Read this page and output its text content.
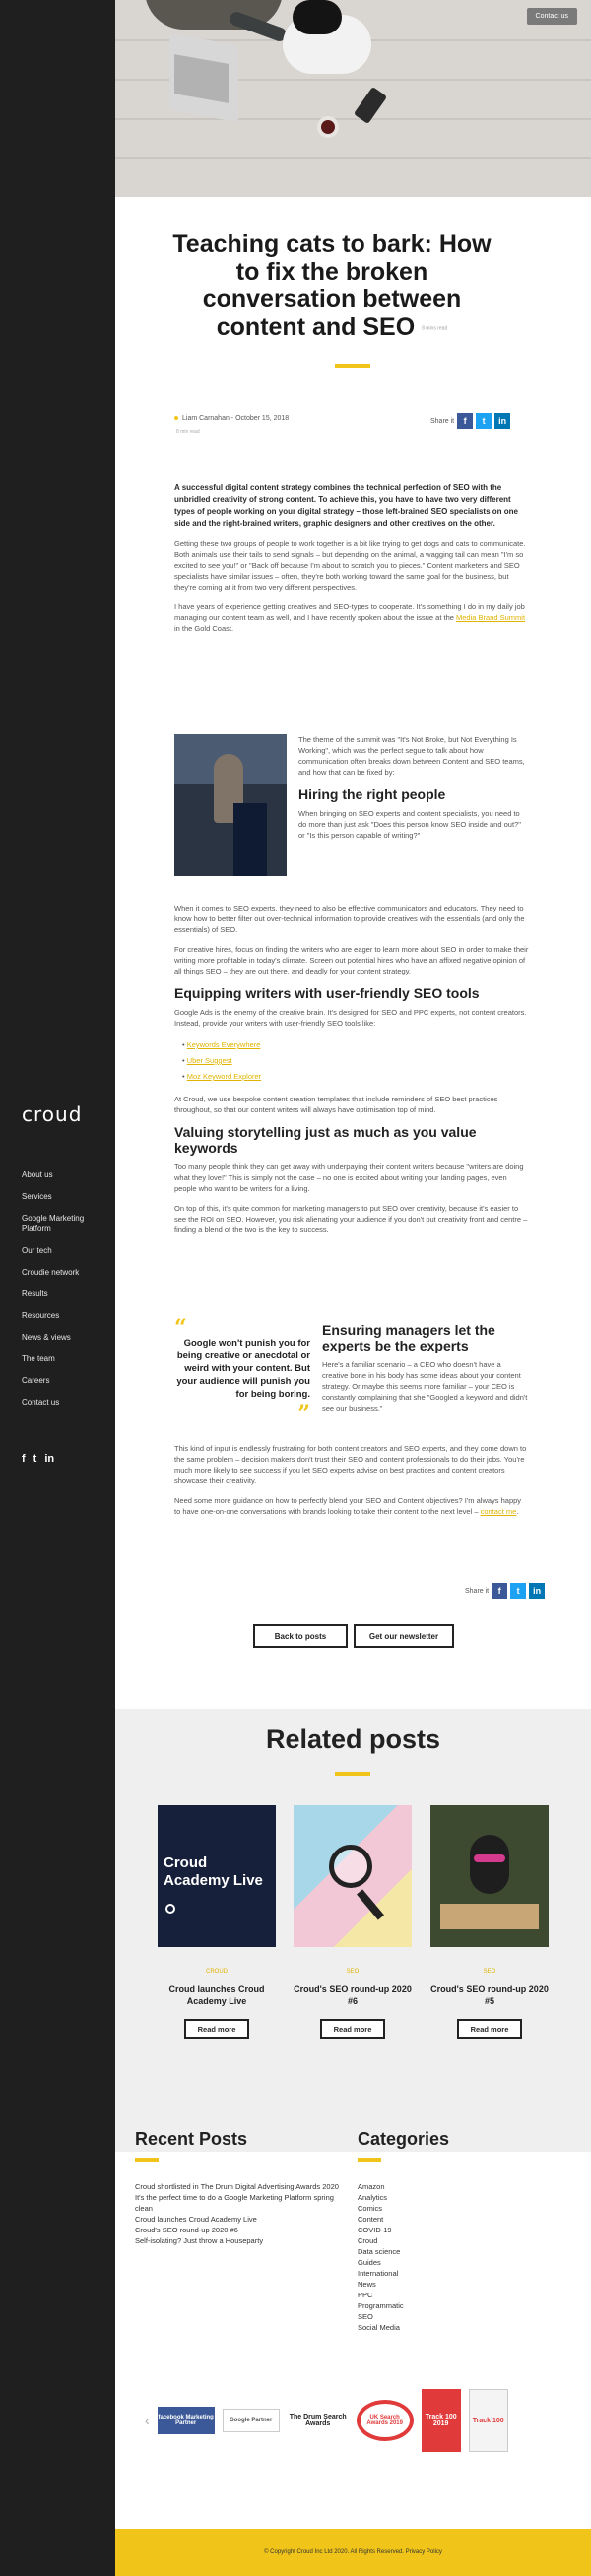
croud
About us
Services
Google Marketing Platform
Our tech
Croudie network
Results
Resources
News & views
The team
Careers
Contact us
f t in
Contact us
Teaching cats to bark: How to fix the broken conversation between content and SEO 8 mins read
Liam Carnahan - October 15, 2018
8 min read
Share it	f	t	in

A successful digital content strategy combines the technical perfection of SEO with the unbridled creativity of strong content. To achieve this, you have to have two very different types of people working on your digital strategy – those left-brained SEO specialists on one side and the right-brained writers, graphic designers and other creatives on the other.

Getting these two groups of people to work together is a bit like trying to get dogs and cats to communicate. Both animals use their tails to send signals – but depending on the animal, a wagging tail can mean "I'm so excited to see you!" or "Back off because I'm about to scratch you to pieces." Content marketers and SEO specialists have similar issues – often, they're both working toward the same goal for the business, but they're coming at it from two very different perspectives.

I have years of experience getting creatives and SEO-types to cooperate. It's something I do in my daily job managing our content team as well, and I have recently spoken about the issue at the Media Brand Summit in the Gold Coast.

The theme of the summit was "It's Not Broke, but Not Everything Is Working", which was the perfect segue to talk about how communication often breaks down between Content and SEO teams, and how that can be fixed by:

Hiring the right people

When bringing on SEO experts and content specialists, you need to do more than just ask "Does this person know SEO inside and out?" or "Is this person capable of writing?"

When it comes to SEO experts, they need to also be effective communicators and educators. They need to know how to better filter out over-technical information to provide creatives with the essentials (and only the essentials) of SEO.

For creative hires, focus on finding the writers who are eager to learn more about SEO in order to make their writing more profitable in today's climate. Screen out potential hires who have an affixed negative opinion of all things SEO – they are out there, and deadly for your content strategy.

Equipping writers with user-friendly SEO tools

Google Ads is the enemy of the creative brain. It's designed for SEO and PPC experts, not content creators. Instead, provide your writers with user-friendly SEO tools like:

• Keywords Everywhere
• Uber Suggest
• Moz Keyword Explorer

At Croud, we use bespoke content creation templates that include reminders of SEO best practices throughout, so that our content writers will always have optimisation top of mind.

Valuing storytelling just as much as you value keywords

Too many people think they can get away with underpaying their content writers because "writers are doing what they love!" This is simply not the case – no one is excited about writing your landing pages, even people who want to be writers for a living.

On top of this, it's quite common for marketing managers to put SEO over creativity, because it's easier to see the ROI on SEO. However, you risk alienating your audience if you don't put creativity front and centre – finding a blend of the two is the key to success.

“
Google won't punish you for being creative or anecdotal or weird with your content. But your audience will punish you for being boring.
”
Ensuring managers let the experts be the experts

Here's a familiar scenario – a CEO who doesn't have a creative bone in his body has some ideas about your content strategy. Or maybe this seems more familiar – your CEO is constantly complaining that she "Googled a keyword and didn't see our business."

This kind of input is endlessly frustrating for both content creators and SEO experts, and they come down to the same problem – decision makers don't trust their SEO and content professionals to do their jobs. You're much more likely to see success if you let SEO experts advise on best practices and content creators showcase their creativity.

Need some more guidance on how to perfectly blend your SEO and Content objectives? I'm always happy to have one-on-one conversations with brands looking to take their content to the next level – contact me.

Share it	f	t	in
Back to posts	Get our newsletter
Related posts
Croud Academy Live
CROUD
Croud launches Croud Academy Live
Read more
SEO
Croud's SEO round-up 2020 #6
Read more
SEO
Croud's SEO round-up 2020 #5
Read more
Recent Posts
Croud shortlisted in The Drum Digital Advertising Awards 2020
It's the perfect time to do a Google Marketing Platform spring clean
Croud launches Croud Academy Live
Croud's SEO round-up 2020 #6
Self-isolating? Just throw a Houseparty
Categories
Amazon
Analytics
Comics
Content
COVID-19
Croud
Data science
Guides
International
News
PPC
Programmatic
SEO
Social Media
‹ facebook Marketing Partner	Google Partner	The Drum Search Awards
UK Search Awards 2019
Track 100 2019	Track 100
© Copyright Croud Inc Ltd 2020. All Rights Reserved. Privacy Policy
